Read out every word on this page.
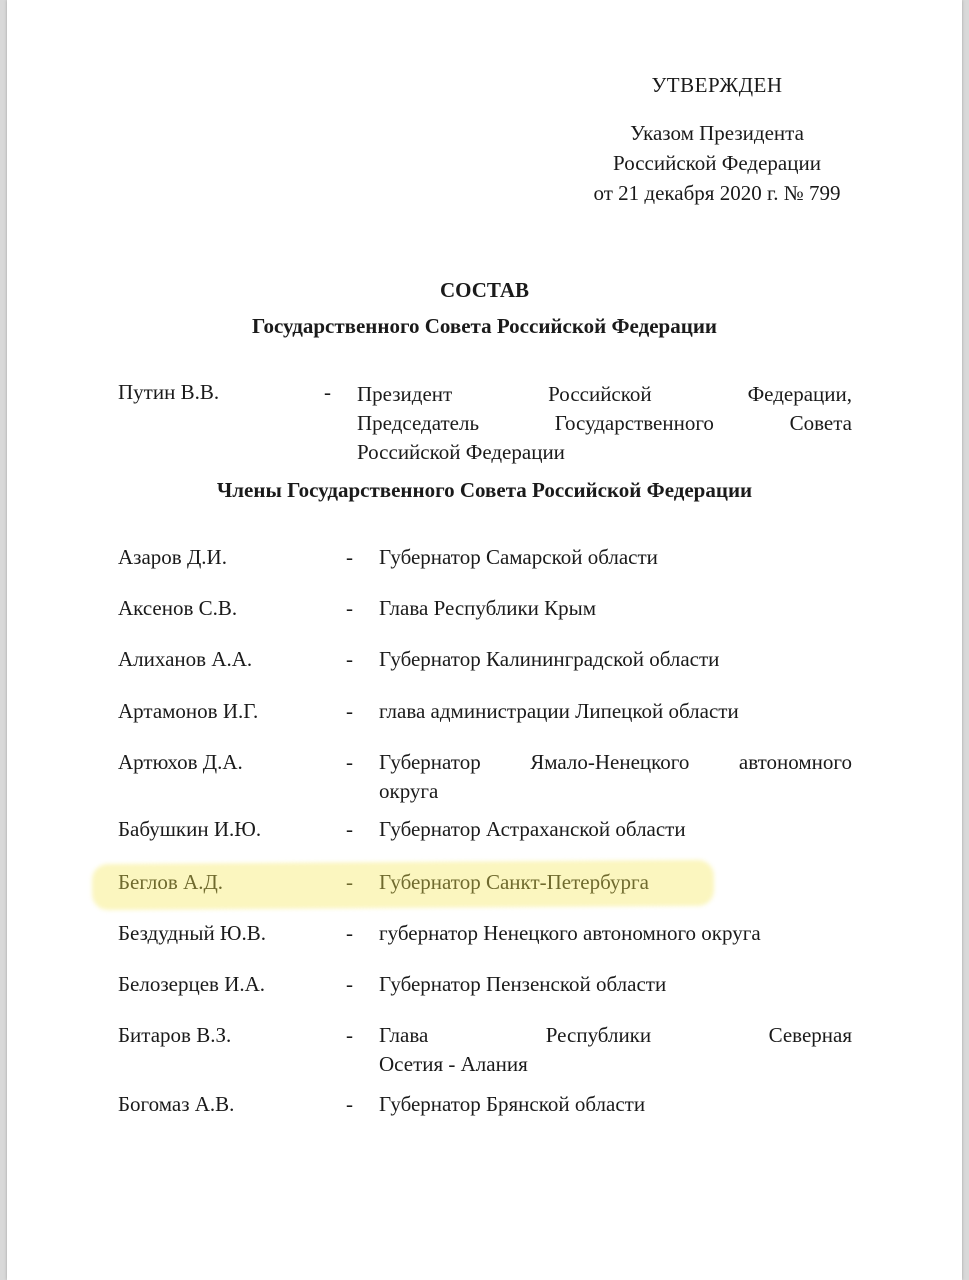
УТВЕРЖДЕН
Указом Президента
Российской Федерации
от 21 декабря 2020 г. № 799
СОСТАВ
Государственного Совета Российской Федерации
Путин В.В.	- Президент Российской Федерации,
Председатель Государственного Совета
Российской Федерации
Члены Государственного Совета Российской Федерации
Азаров Д.И.	- Губернатор Самарской области
Аксенов С.В.	- Глава Республики Крым
Алиханов А.А.	- Губернатор Калининградской области
Артамонов И.Г.	- глава администрации Липецкой области
Артюхов Д.А.	- Губернатор Ямало-Ненецкого автономного
округа
Бабушкин И.Ю.	- Губернатор Астраханской области
Беглов А.Д.	- Губернатор Санкт-Петербурга
Бездудный Ю.В.	- губернатор Ненецкого автономного округа
Белозерцев И.А.	- Губернатор Пензенской области
Битаров В.З.	- Глава Республики Северная
Осетия - Алания
Богомаз А.В.	- Губернатор Брянской области
